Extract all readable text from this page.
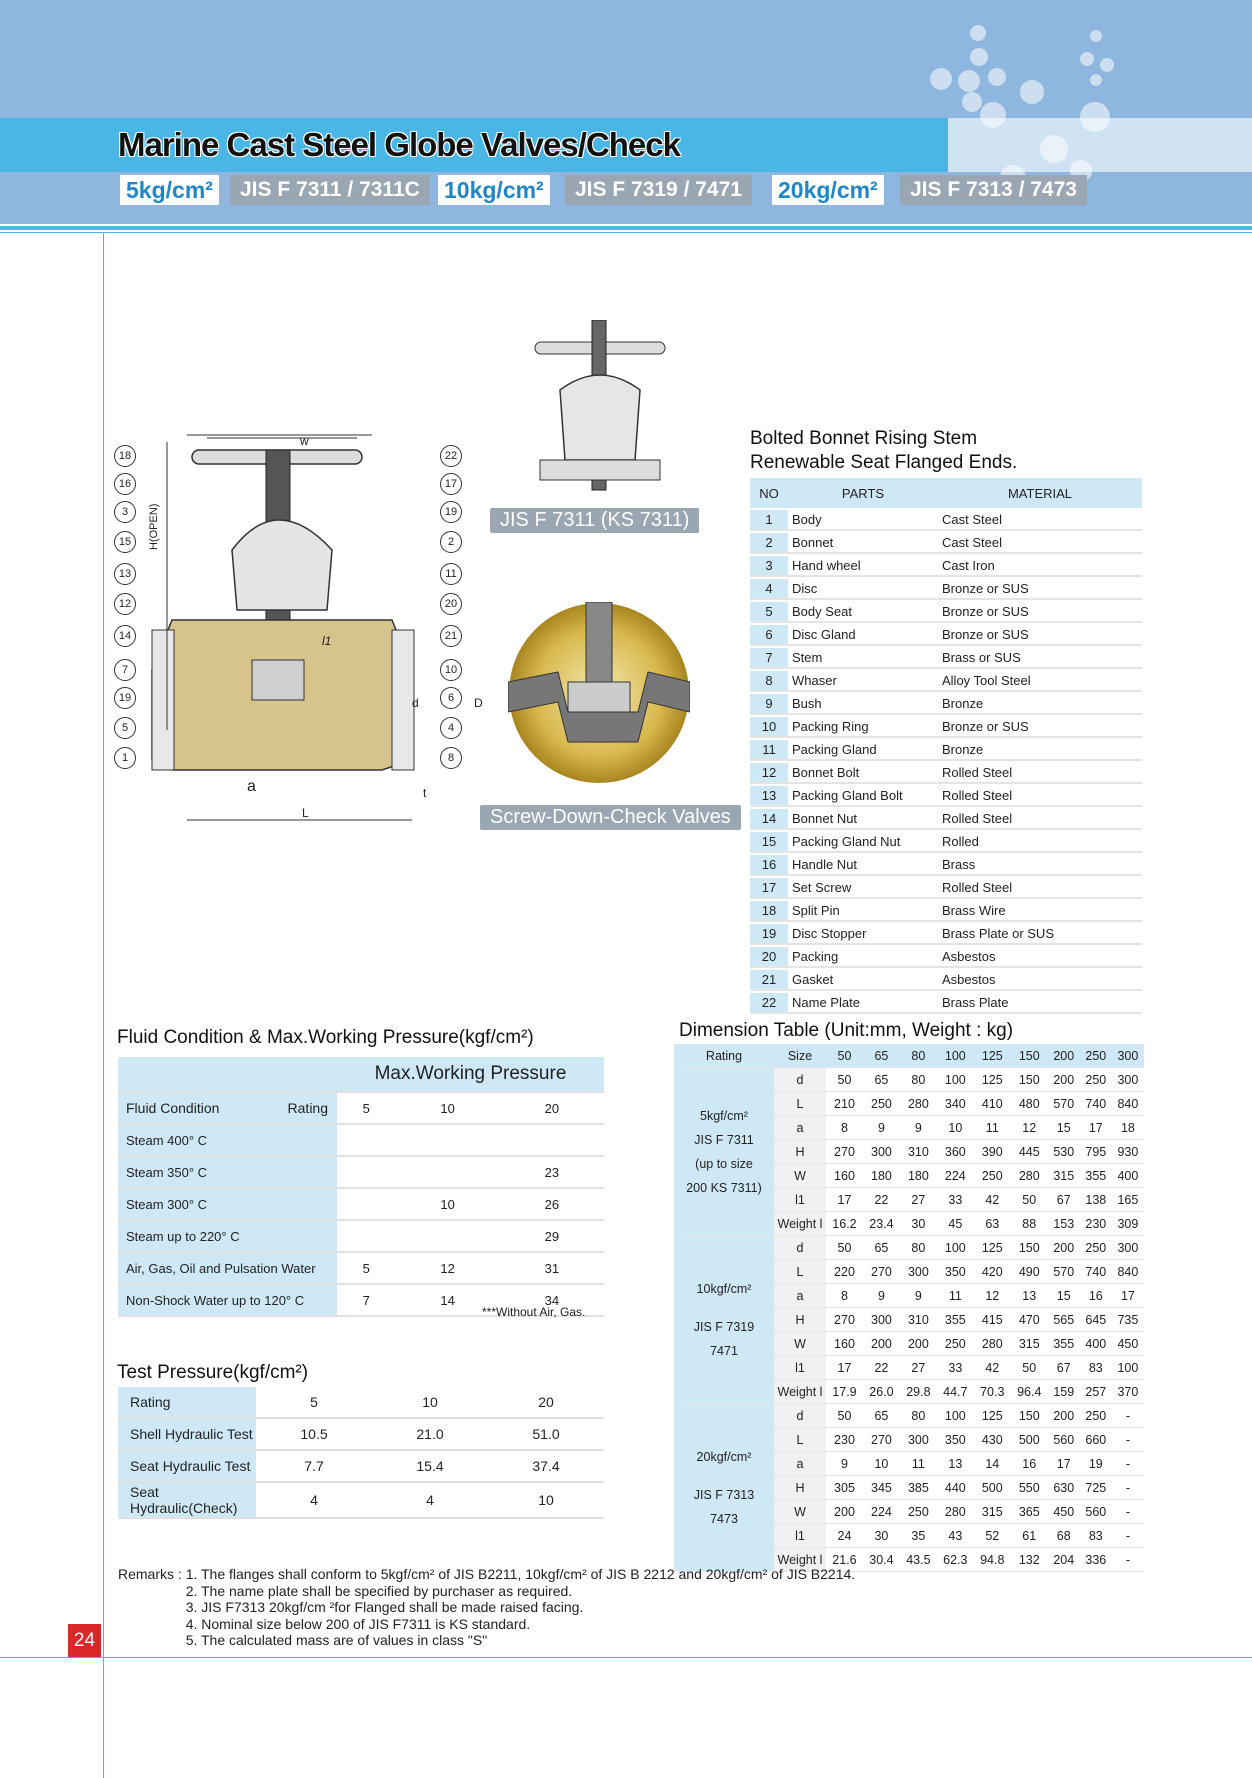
Marine Cast Steel Globe Valves/Check
5kg/cm²	JIS F 7311 / 7311C	10kg/cm²	JIS F 7319 / 7471	20kg/cm²	JIS F 7313 / 7473
w
H(OPEN)
d	D
a
L
t
l1
18
16
3
15
13
12
14
7
19
5
1
22
17
19
2
11
20
21
10
6
4
8
JIS F 7311 (KS 7311)
Screw-Down-Check Valves
Bolted Bonnet Rising Stem
Renewable Seat Flanged Ends.
NO	PARTS	MATERIAL
1	Body	Cast Steel
2	Bonnet	Cast Steel
3	Hand wheel	Cast Iron
4	Disc	Bronze or SUS
5	Body Seat	Bronze or SUS
6	Disc Gland	Bronze or SUS
7	Stem	Brass or SUS
8	Whaser	Alloy Tool Steel
9	Bush	Bronze
10	Packing Ring	Bronze or SUS
11	Packing Gland	Bronze
12	Bonnet Bolt	Rolled Steel
13	Packing Gland Bolt	Rolled Steel
14	Bonnet Nut	Rolled Steel
15	Packing Gland Nut	Rolled
16	Handle Nut	Brass
17	Set Screw	Rolled Steel
18	Split Pin	Brass Wire
19	Disc Stopper	Brass Plate or SUS
20	Packing	Asbestos
21	Gasket	Asbestos
22	Name Plate	Brass Plate
Fluid Condition & Max.Working Pressure(kgf/cm²)
	Max.Working Pressure		
Fluid Condition Rating	5	10	20
Steam 400° C			
Steam 350° C			23
Steam 300° C		10	26
Steam up to 220° C			29
Air, Gas, Oil and Pulsation Water	5	12	31
Non-Shock Water up to 120° C	7	14	34
***Without Air, Gas.
Test Pressure(kgf/cm²)
Rating	5	10	20
Shell Hydraulic Test	10.5	21.0	51.0
Seat Hydraulic Test	7.7	15.4	37.4
Seat Hydraulic(Check)	4	4	10
Dimension Table (Unit:mm, Weight : kg)
Rating	Size	50	65	80	100	125	150	200	250	300

5kgf/cm²
JIS F 7311
(up to size
200 KS 7311)	d	50	65	80	100	125	150	200	250	300
	L	210	250	280	340	410	480	570	740	840
	a	8	9	9	10	11	12	15	17	18
	H	270	300	310	360	390	445	530	795	930
	W	160	180	180	224	250	280	315	355	400
	l1	17	22	27	33	42	50	67	138	165
	Weight l	16.2	23.4	30	45	63	88	153	230	309

10kgf/cm²
JIS F 7319
7471	d	50	65	80	100	125	150	200	250	300
	L	220	270	300	350	420	490	570	740	840
	a	8	9	9	11	12	13	15	16	17
	H	270	300	310	355	415	470	565	645	735
	W	160	200	200	250	280	315	355	400	450
	l1	17	22	27	33	42	50	67	83	100
	Weight l	17.9	26.0	29.8	44.7	70.3	96.4	159	257	370

20kgf/cm²
JIS F 7313
7473	d	50	65	80	100	125	150	200	250	-
	L	230	270	300	350	430	500	560	660	-
	a	9	10	11	13	14	16	17	19	-
	H	305	345	385	440	500	550	630	725	-
	W	200	224	250	280	315	365	450	560	-
	l1	24	30	35	43	52	61	68	83	-
	Weight l	21.6	30.4	43.5	62.3	94.8	132	204	336	-
Remarks : 1. The flanges shall conform to 5kgf/cm² of JIS B2211, 10kgf/cm² of JIS B 2212 and 20kgf/cm² of JIS B2214.
2. The name plate shall be specified by purchaser as required.
3. JIS F7313 20kgf/cm ²for Flanged shall be made raised facing.
4. Nominal size below 200 of JIS F7311 is KS standard.
5. The calculated mass are of values in class "S"
24
